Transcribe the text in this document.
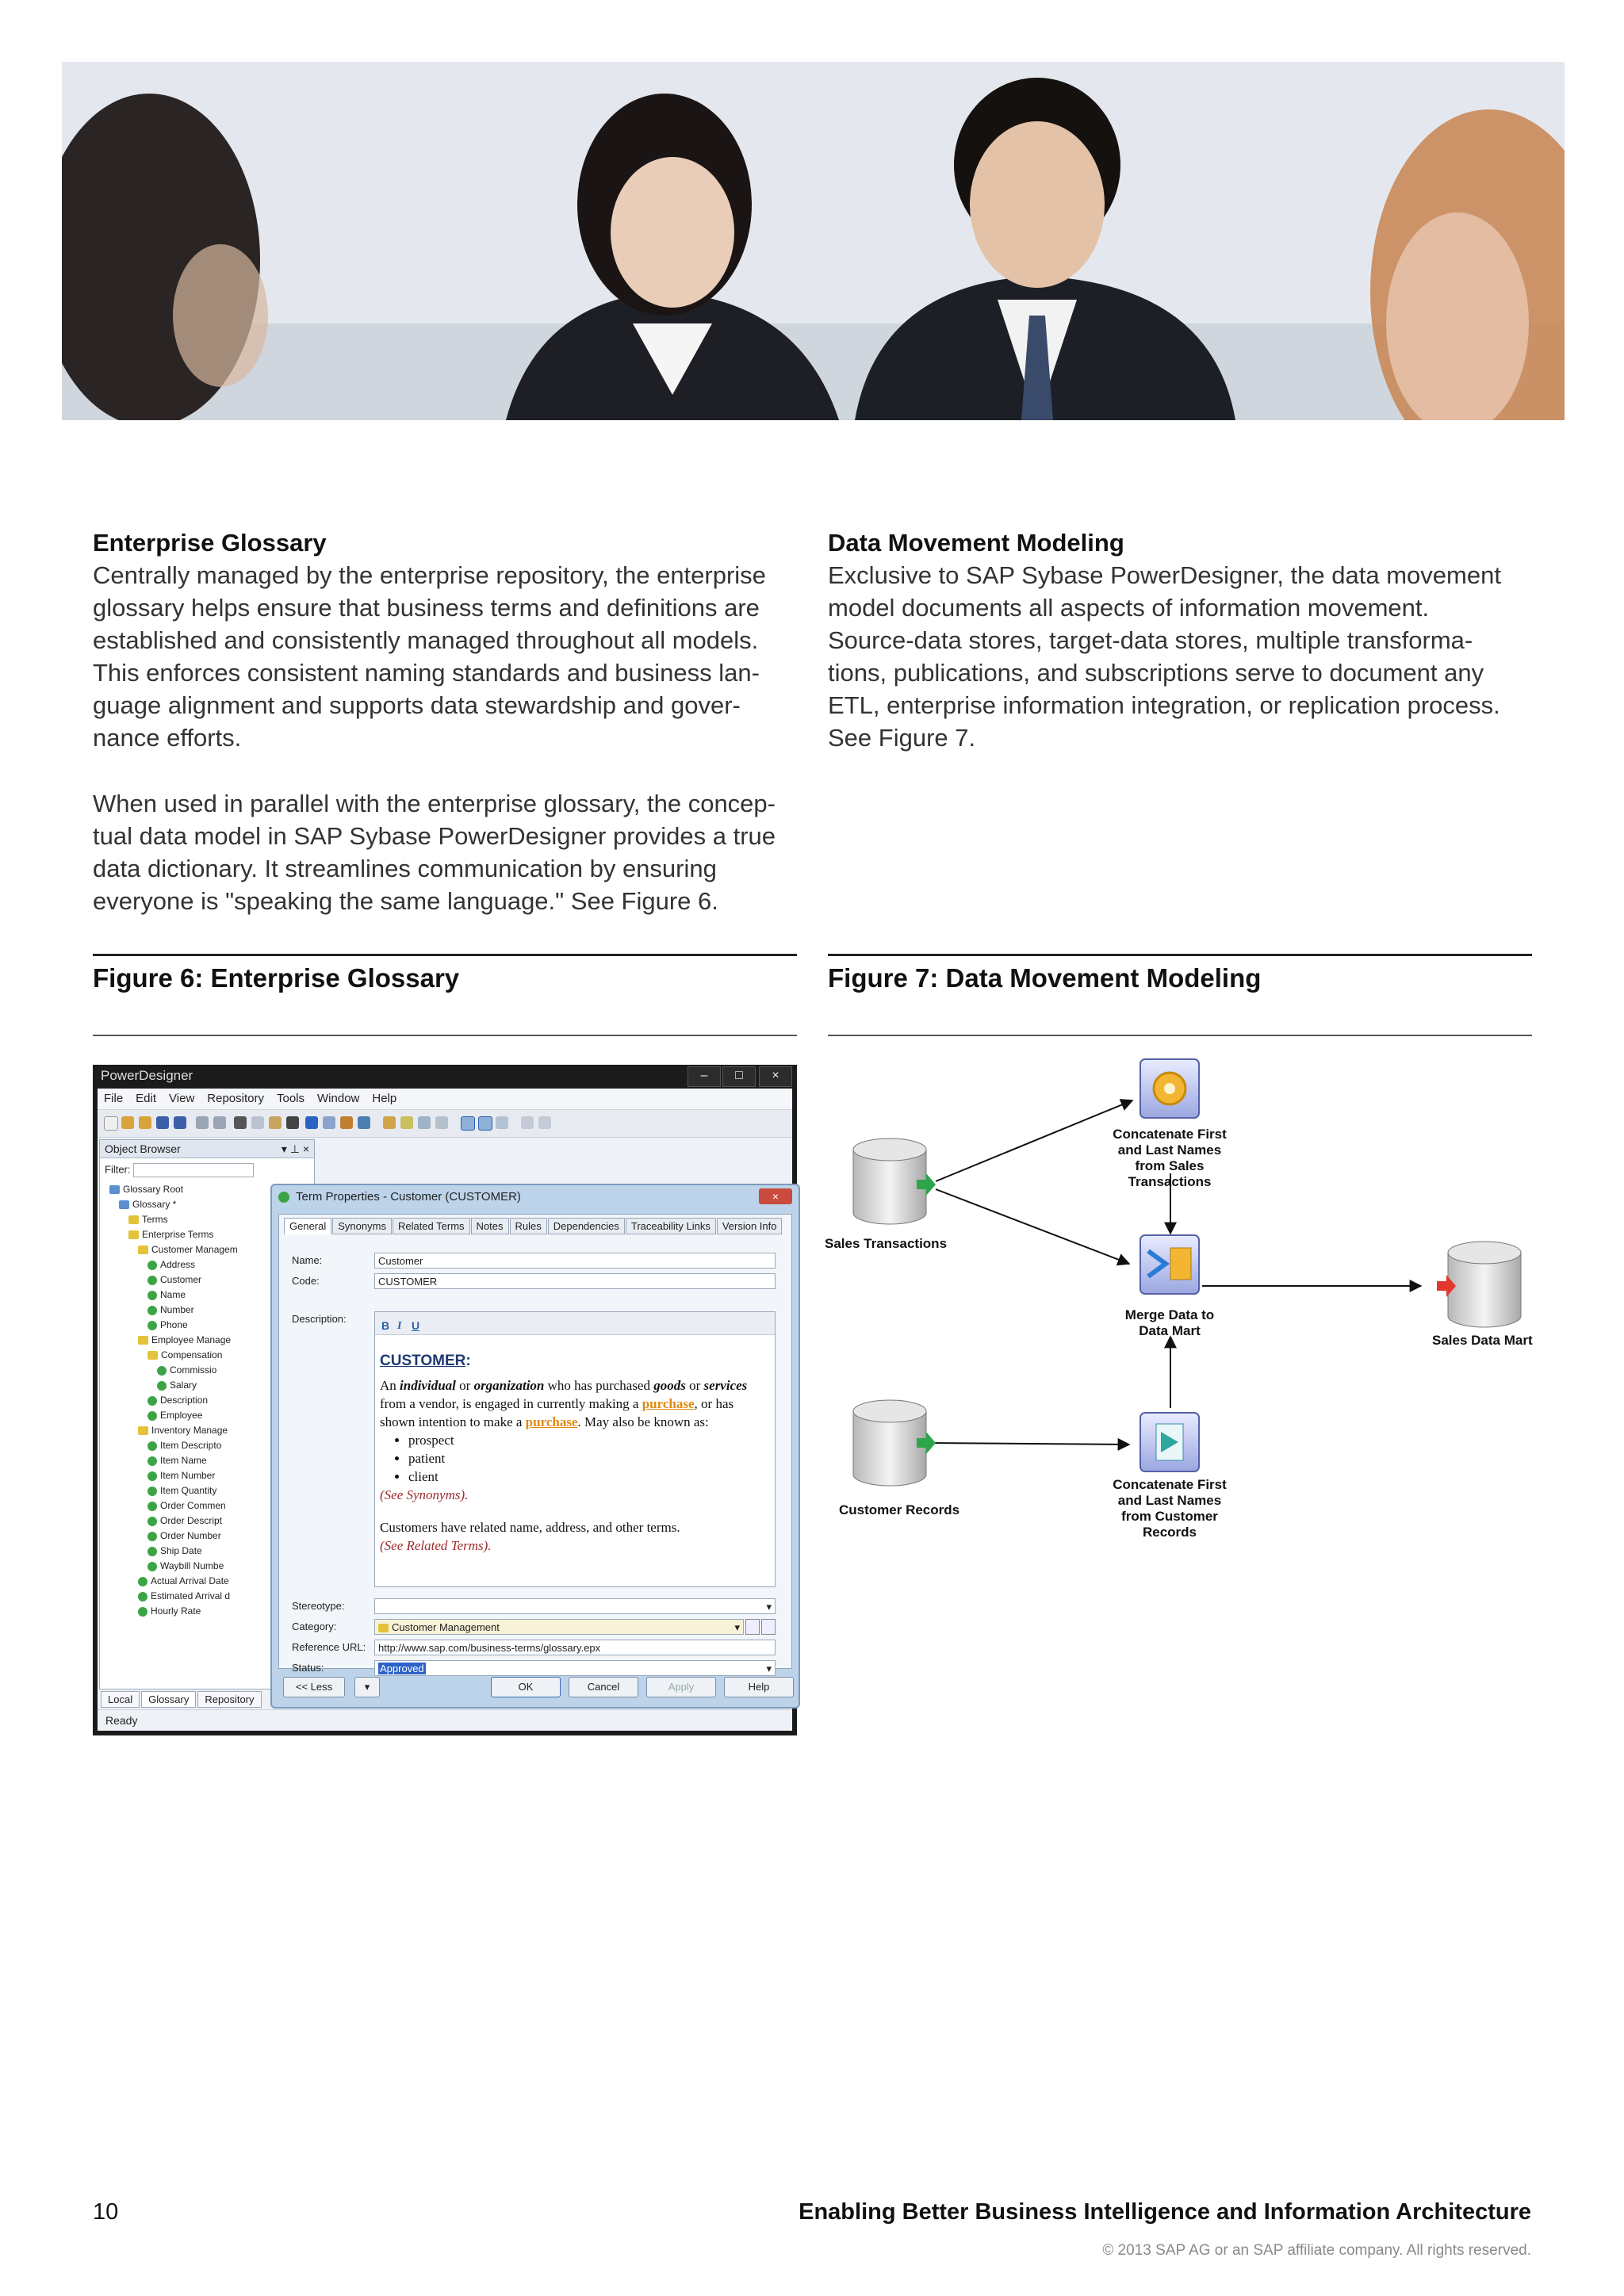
Enterprise Glossary
Centrally managed by the enterprise repository, the enterprise
glossary helps ensure that business terms and definitions are
established and consistently managed throughout all models.
This enforces consistent naming standards and business lan-
guage alignment and supports data stewardship and gover-
nance efforts.
When used in parallel with the enterprise glossary, the concep-
tual data model in SAP Sybase PowerDesigner provides a true
data dictionary. It streamlines communication by ensuring
everyone is "speaking the same language." See Figure 6.
Data Movement Modeling
Exclusive to SAP Sybase PowerDesigner, the data movement
model documents all aspects of information movement.
Source-data stores, target-data stores, multiple transforma-
tions, publications, and subscriptions serve to document any
ETL, enterprise information integration, or replication process.
See Figure 7.
Figure 6: Enterprise Glossary	Figure 7: Data Movement Modeling
PowerDesigner	–	□	×
File Edit View Repository Tools Window Help
Object Browser	▾ ⊥ ×
Filter:
Glossary Root
Glossary *
Terms
Enterprise Terms
Customer Managem
Address
Customer
Name
Number
Phone
Employee Manage
Compensation
Commissio
Salary
Description
Employee
Inventory Manage
Item Descripto
Item Name
Item Number
Item Quantity
Order Commen
Order Descript
Order Number
Ship Date
Waybill Numbe
Actual Arrival Date
Estimated Arrival d
Hourly Rate
Local Glossary Repository
Ready
Term Properties - Customer (CUSTOMER)	×
General Synonyms Related Terms Notes Rules Dependencies Traceability Links Version Info
Name:	Customer
Code:	CUSTOMER
Description:
B I U
CUSTOMER:
An individual or organization who has purchased goods or services from a vendor, is engaged in currently making a purchase, or has shown intention to make a purchase. May also be known as:
• prospect
• patient
• client
(See Synonyms).
Customers have related name, address, and other terms.
(See Related Terms).
Stereotype:	▾
Category:	Customer Management	▾
Reference URL:	http://www.sap.com/business-terms/glossary.epx
Status:	Approved	▾
<< Less	▾	OK	Cancel	Apply	Help
Sales Transactions
Customer Records
Sales Data Mart
Concatenate First
and Last Names
from Sales
Transactions
Merge Data to
Data Mart
Concatenate First
and Last Names
from Customer
Records
10	Enabling Better Business Intelligence and Information Architecture
© 2013 SAP AG or an SAP affiliate company. All rights reserved.
